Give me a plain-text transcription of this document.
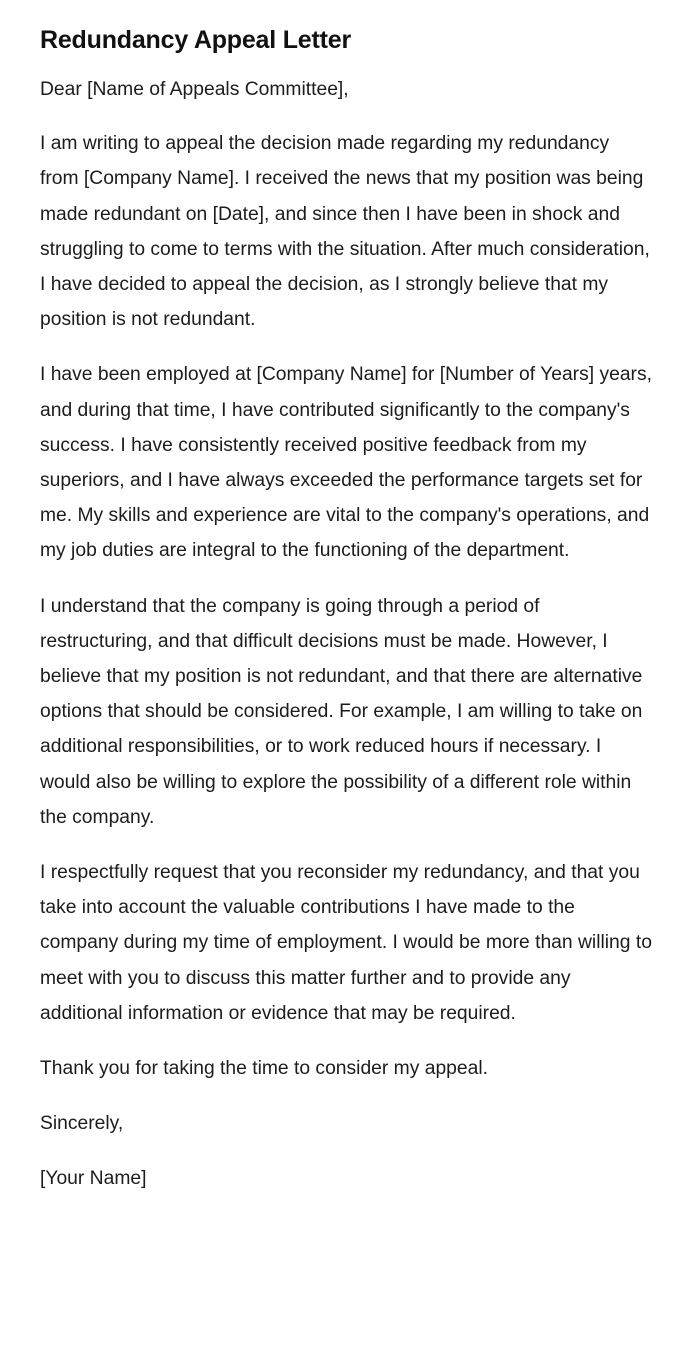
Redundancy Appeal Letter

Dear [Name of Appeals Committee],

I am writing to appeal the decision made regarding my redundancy from [Company Name]. I received the news that my position was being made redundant on [Date], and since then I have been in shock and struggling to come to terms with the situation. After much consideration, I have decided to appeal the decision, as I strongly believe that my position is not redundant.

I have been employed at [Company Name] for [Number of Years] years, and during that time, I have contributed significantly to the company's success. I have consistently received positive feedback from my superiors, and I have always exceeded the performance targets set for me. My skills and experience are vital to the company's operations, and my job duties are integral to the functioning of the department.

I understand that the company is going through a period of restructuring, and that difficult decisions must be made. However, I believe that my position is not redundant, and that there are alternative options that should be considered. For example, I am willing to take on additional responsibilities, or to work reduced hours if necessary. I would also be willing to explore the possibility of a different role within the company.

I respectfully request that you reconsider my redundancy, and that you take into account the valuable contributions I have made to the company during my time of employment. I would be more than willing to meet with you to discuss this matter further and to provide any additional information or evidence that may be required.

Thank you for taking the time to consider my appeal.

Sincerely,

[Your Name]
